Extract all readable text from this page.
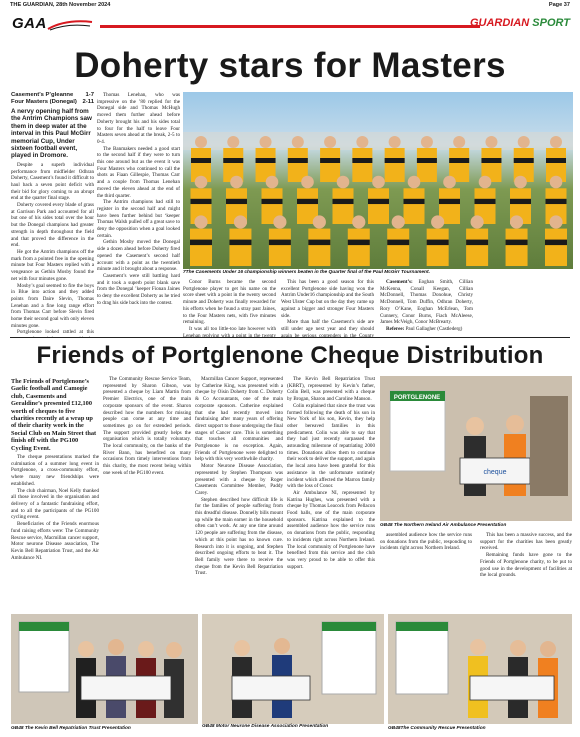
THE GUARDIAN, 28th November 2024	Page 37
GAA	GUARDIAN SPORT
Doherty stars for Masters
Casement’s P’gleanne 1-7
Four Masters (Donegal) 2-11
A nervy opening half from the Antrim Champions saw them in deep water at the interval in this Paul McGirr memorial Cup, Under sixteen football event, played in Dromore.

Despite a superb individual performance from midfielder Odhran Doherty, Casement’s found it difficult to haul back a seven point deficit with their bid for glory coming to an abrupt end at the quarter final stage.

Doherty covered every blade of grass at Garrison Park and accounted for all but one of his sides total over the hour but the Donegal champions had greater strength in depth throughout the field and that proved the difference in the end.

He got the Antrim champions off the mark from a pointed free in the opening minute but Four Masters replied with a vengeance as Gethin Mosby found the net with four minutes gone.

Mosby’s goal seemed to fire the boys in Blue into action and they added points from Daire Slevin, Thomas Lenehan and a fine long range effort from Thomas Carr before Slevin fired home their second goal with only eleven minutes gone.

Portglenone looked rattled at this

Thomas Lenehan, who was impressive on the ’80 replied for the Donegal side and Thomas McHugh moved them further ahead before Doherty brought his and his sides total to four for the half to leave Four Masters seven ahead at the break, 2-5 to 0-4.

The Banmakers needed a good start to the second half if they were to turn this one around but as the event it was Four Masters who continued to call the shots as Fiaan Gillespie, Thomas Carr and a couple from Thomas Lenehan moved the eleven ahead at the end of the third quarter.

The Antrim champions had still to register in the second half and might have been further behind but ‘keeper Thomas Walsh pulled off a great save to deny the opposition when a goal looked certain.

Gethin Mosby moved the Donegal side a dozen ahead before Doherty fired opened the Casement’s second half account with a point as the twentieth minute and it brought about a response.

Casement’s were still battling hard and it took a superb point blank save from the Donegal ’keeper Fionan Jaines to deny the excellent Doherty as he tried to drag his side back into the contest.

7The Casements Under 16 championship winners beaten in the Quarter final of the Paul McGirr Tournament.

Conor Burns became the second Portglenone player to get his name on the score sheet with a point in the twenty second minute and Doherty was finally rewarded for his efforts when he found a stray past Jaines, to the Four Masters nets, with five minutes remaining.

It was all too little-too late however with Lenehan replying with a point in the twenty

This has been a good season for this excellent Portglenone side having won the Antrim Under16 championship and the South West Ulster Cup but on the day they came up against a bigger and stronger Four Masters side.

More than half the Casement’s side are still under age next year and they should again be serious contenders in the County

Casement’s: Eoghan Smith, Cillian McKenna, Conall Keegan, Cillian McDonnell, Thomas Donohue, Christy McDonnell, Tom Duffin, Odhran Doherty, Rory O’Kane, Eoghan McErlean, Tom Cunnery, Conor Burns, Fiach McAleese, James McVeigh, Conor McBrearty.

Referee: Paul Gallagher (Castlederg)

Friends of Portglenone Cheque Distribution
The Friends of Portglenone’s Gaelic football and Camogie club, Casements and Geraldine’s presented £12,100 worth of cheques to five charities recently at a wrap up of their charity work in the Social Club on Main Street that finish off with the PG100 Cycling Event.

The cheque presentations marked the culmination of a summer long event in Portglenone, a cross-community effort, where many new friendships were established.

The club chairman, Noel Kelly thanked all those involved in the organisation and delivery of a fantastic fundraising effort, and to all the participants of the PG100 cycling event.

Beneficiaries of the Friends enormous fund raising efforts were: The Community Rescue service, Macmillan cancer support, Motor neurone Disease association, The Kevin Bell Repatriation Trust, and the Air Ambulance NI.

The Community Rescue Service Team, represented by Sharon Gibson, was presented a cheque by Liam Martin from Premier Electrics, one of the main corporate sponsors of the event. Sharon described how the numbers for missing people can come at any time and sometimes go on for extended periods. The support provided greatly helps the organisation which is totally voluntary. The local community, on the banks of the River Bann, has benefited on many occasions from timely interventions from this charity, the most recent being within one week of the PG100 event.

Macmillan Cancer Support, represented by Catherine King, was presented with a cheque by Oisin Doherty from C. Doherty & Co Accountants, one of the main corporate sponsors. Catherine explained that she had recently moved into fundraising after many years of offering direct support to those undergoing the final stages of Cancer care. This is something that touches all communities and Portglenone is no exception. Again, Friends of Portglenone were delighted to help with this very worthwhile charity.

Motor Neurone Disease Association, represented by Stephen Thompson was presented with a cheque by Roger Casements Committee Member, Paddy Carey.

Stephen described how difficult life is for the families of people suffering from this dreadful disease. Donnelly bills mount up while the main earner in the household often can’t work. At any one time around 120 people are suffering from the disease, which at this point has no known cure. Research into it is ongoing, and Stephen described ongoing efforts to beat it. The Bell family were there to receive the cheque from the Kevin Bell Repatriation Trust.

The Kevin Bell Repatriation Trust (KBRT), represented by Kevin’s father, Colin Bell, was presented with a cheque by Brogan, Sharon and Caroline Manson.

Colin explained that since the trust was formed following the death of his son in New York of his son, Kevin, they help other bereaved families in this predicament. Colin was able to say that they had just recently surpassed the astounding milestone of repatriating 2000 times. Donations allow them to continue their work to deliver the support, and again the local area have been grateful for this assistance in the unfortunate untimely incident which affected the Marron family with the loss of Conor.

Air Ambulance NI, represented by Katrina Hughes, was presented with a cheque by Thomas Leacock from Pellacon Food halls, one of the main corporate sponsors. Katrina explained to the assembled audience how the service runs on donations from the public, responding to incidents right across Northern Ireland. The local community of Portglenone have benefited from this service and the club was very proud to be able to offer this support.

PORTGLENONE
cheque
GB48 The Northern Ireland Air Ambulance Presentation

assembled audience how the service runs on donations from the public, responding to incidents right across Northern Ireland.

This has been a massive success, and the support for the charities has been greatly received.

Remaining funds have gone to the Friends of Portglenone charity, to be put to good use in the development of facilities at the local grounds.

GB48 The Kevin Bell Repatriation Trust Presentation	GB48 Motor Neurone Disease Association Presentation	GB48The Community Rescue Presentation
